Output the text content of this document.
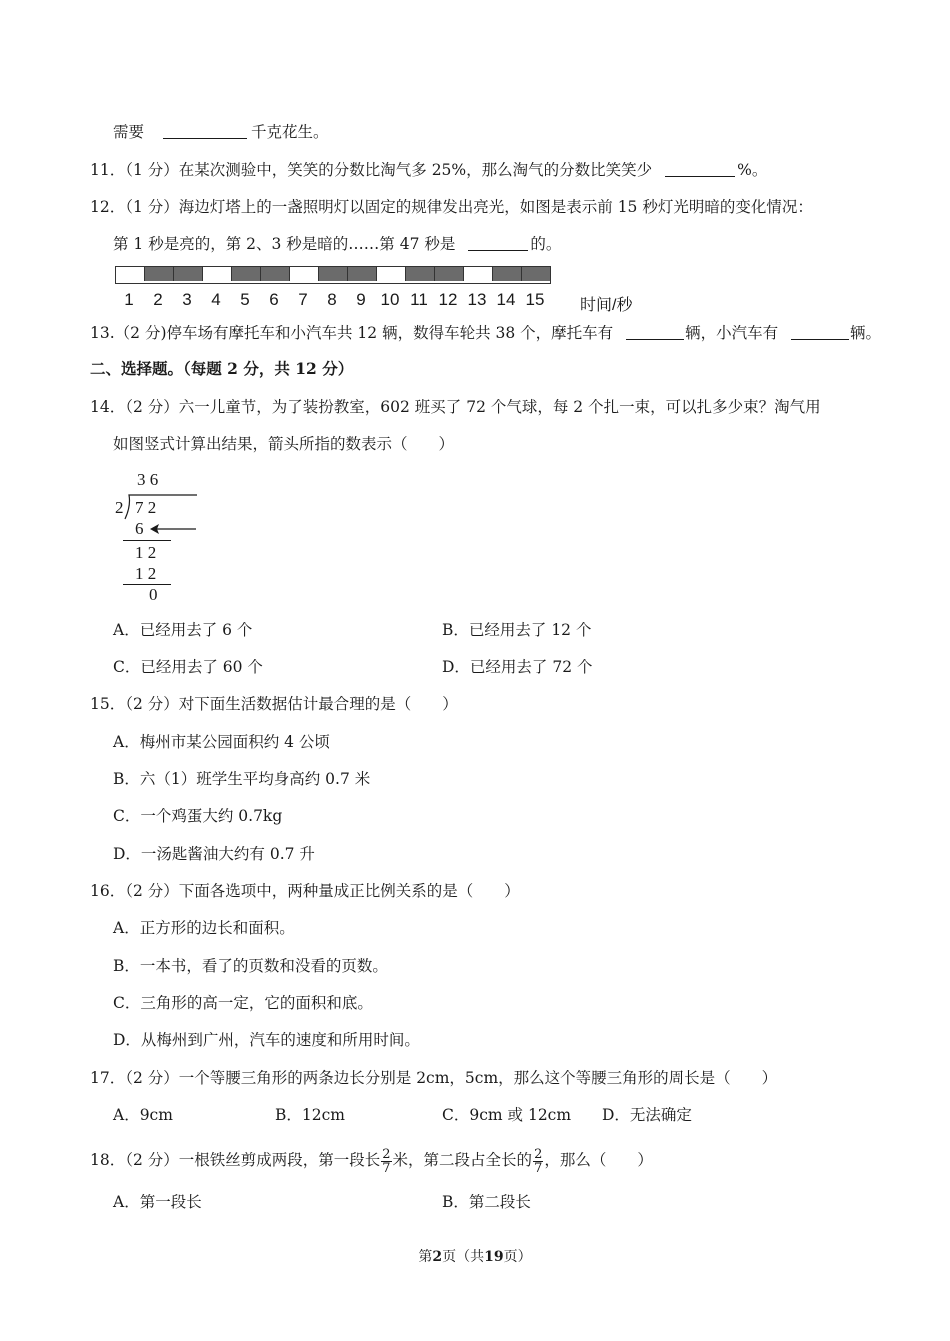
需要	千克花生。
11．（1 分）在某次测验中，笑笑的分数比淘气多 25%，那么淘气的分数比笑笑少	%。
12．（1 分）海边灯塔上的一盏照明灯以固定的规律发出亮光，如图是表示前 15 秒灯光明暗的变化情况：
第 1 秒是亮的，第 2、3 秒是暗的……第 47 秒是	的。
1	2	3	4	5	6	7	8	9 10 11 12 13 14 15 时间/秒
13.（2 分)停车场有摩托车和小汽车共 12 辆，数得车轮共 38 个，摩托车有	辆，小汽车有	辆。
二、选择题。（每题 2 分，共 12 分）
14．（2 分）六一儿童节，为了装扮教室，602 班买了 72 个气球，每 2 个扎一束，可以扎多少束？淘气用
如图竖式计算出结果，箭头所指的数表示（　　）
3 6
2 7 2
6
1 2
1 2
0
A．已经用去了 6 个	B．已经用去了 12 个
C．已经用去了 60 个	D．已经用去了 72 个
15．（2 分）对下面生活数据估计最合理的是（　　）
A．梅州市某公园面积约 4 公顷
B．六（1）班学生平均身高约 0.7 米
C．一个鸡蛋大约 0.7kg
D．一汤匙酱油大约有 0.7 升
16．（2 分）下面各选项中，两种量成正比例关系的是（　　）
A．正方形的边长和面积。
B．一本书，看了的页数和没看的页数。
C．三角形的高一定，它的面积和底。
D．从梅州到广州，汽车的速度和所用时间。
17．（2 分）一个等腰三角形的两条边长分别是 2cm，5cm，那么这个等腰三角形的周长是（　　）
A．9cm	B．12cm	C．9cm 或 12cm D．无法确定
18．（2 分）一根铁丝剪成两段，第一段长 $\frac{2}{7}$ 米，第二段占全长的 $\frac{2}{7}$ ，那么（　　）
A．第一段长	B．第二段长
第2页（共19页）
